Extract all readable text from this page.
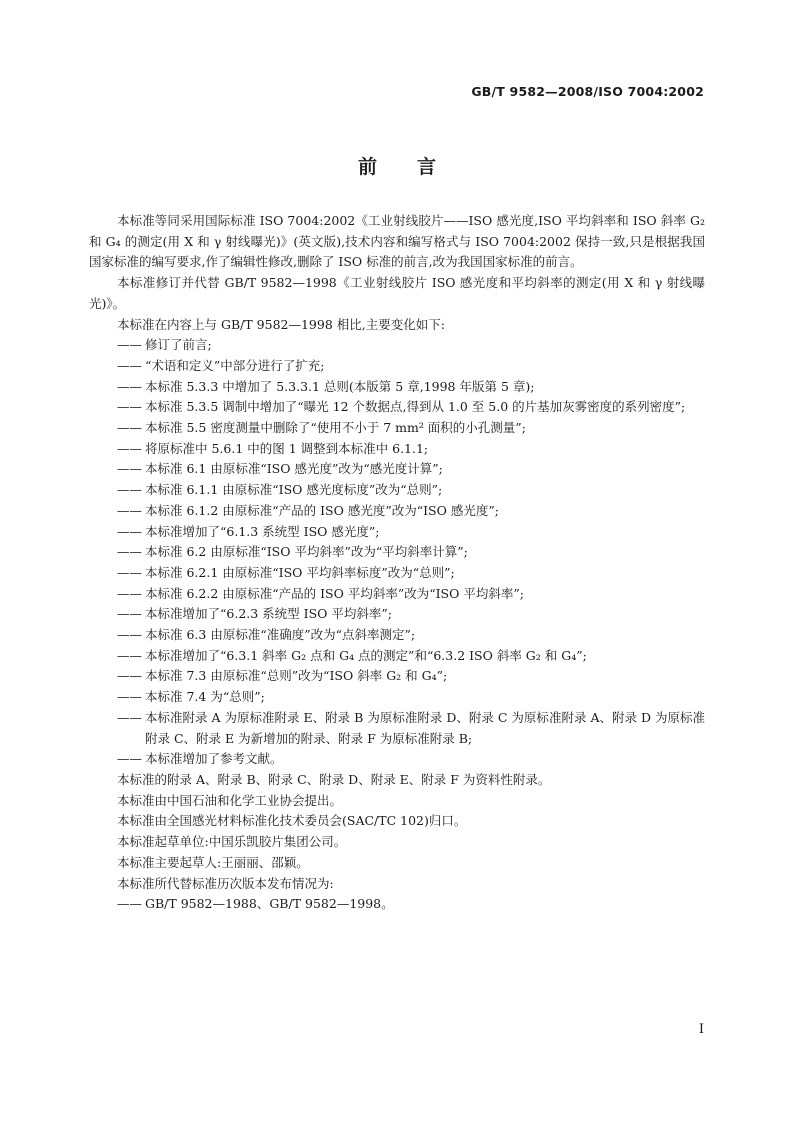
GB/T 9582—2008/ISO 7004:2002
前言

本标准等同采用国际标准 ISO 7004:2002《工业射线胶片——ISO 感光度,ISO 平均斜率和 ISO 斜率 G₂ 和 G₄ 的测定(用 X 和 γ 射线曝光)》(英文版),技术内容和编写格式与 ISO 7004:2002 保持一致,只是根据我国国家标准的编写要求,作了编辑性修改,删除了 ISO 标准的前言,改为我国国家标准的前言。

本标准修订并代替 GB/T 9582—1998《工业射线胶片 ISO 感光度和平均斜率的测定(用 X 和 γ 射线曝光)》。

本标准在内容上与 GB/T 9582—1998 相比,主要变化如下:

—— 修订了前言;
—— “术语和定义”中部分进行了扩充;
—— 本标准 5.3.3 中增加了 5.3.3.1 总则(本版第 5 章,1998 年版第 5 章);
—— 本标准 5.3.5 调制中增加了“曝光 12 个数据点,得到从 1.0 至 5.0 的片基加灰雾密度的系列密度”;
—— 本标准 5.5 密度测量中删除了“使用不小于 7 mm² 面积的小孔测量”;
—— 将原标准中 5.6.1 中的图 1 调整到本标准中 6.1.1;
—— 本标准 6.1 由原标准“ISO 感光度”改为“感光度计算”;
—— 本标准 6.1.1 由原标准“ISO 感光度标度”改为“总则”;
—— 本标准 6.1.2 由原标准“产品的 ISO 感光度”改为“ISO 感光度”;
—— 本标准增加了“6.1.3 系统型 ISO 感光度”;
—— 本标准 6.2 由原标准“ISO 平均斜率”改为“平均斜率计算”;
—— 本标准 6.2.1 由原标准“ISO 平均斜率标度”改为“总则”;
—— 本标准 6.2.2 由原标准“产品的 ISO 平均斜率”改为“ISO 平均斜率”;
—— 本标准增加了“6.2.3 系统型 ISO 平均斜率”;
—— 本标准 6.3 由原标准“准确度”改为“点斜率测定”;
—— 本标准增加了“6.3.1 斜率 G₂ 点和 G₄ 点的测定”和“6.3.2 ISO 斜率 G₂ 和 G₄”;
—— 本标准 7.3 由原标准“总则”改为“ISO 斜率 G₂ 和 G₄”;
—— 本标准 7.4 为“总则”;
—— 本标准附录 A 为原标准附录 E、附录 B 为原标准附录 D、附录 C 为原标准附录 A、附录 D 为原标准附录 C、附录 E 为新增加的附录、附录 F 为原标准附录 B;
—— 本标准增加了参考文献。

本标准的附录 A、附录 B、附录 C、附录 D、附录 E、附录 F 为资料性附录。

本标准由中国石油和化学工业协会提出。

本标准由全国感光材料标准化技术委员会(SAC/TC 102)归口。

本标准起草单位:中国乐凯胶片集团公司。

本标准主要起草人:王丽丽、邵颖。

本标准所代替标准历次版本发布情况为:

—— GB/T 9582—1988、GB/T 9582—1998。
I
